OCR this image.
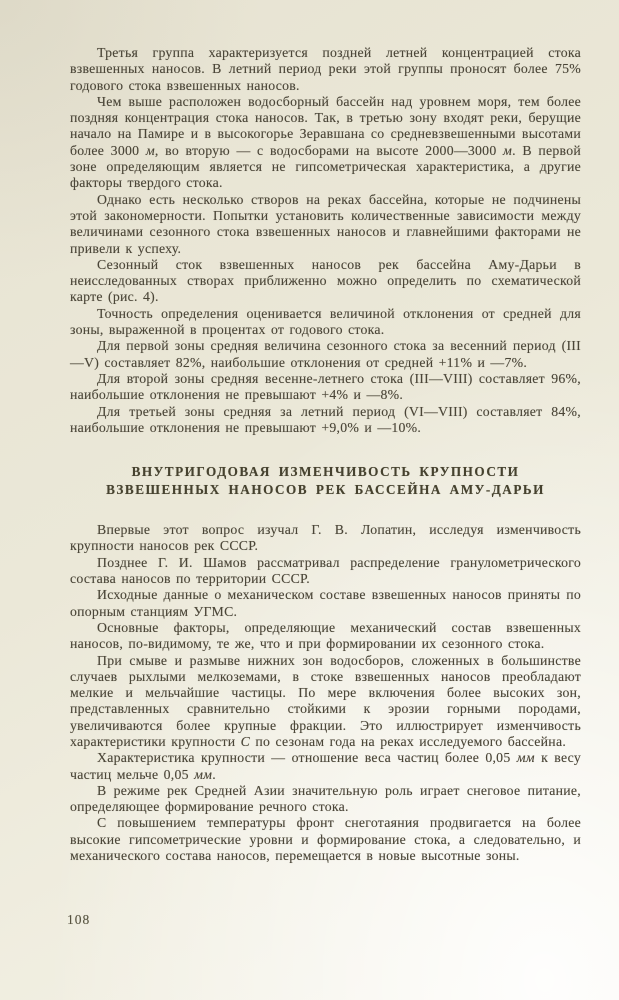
Третья группа характеризуется поздней летней концентрацией стока взвешенных наносов. В летний период реки этой группы проносят более 75% годового стока взвешенных наносов.

Чем выше расположен водосборный бассейн над уровнем моря, тем более поздняя концентрация стока наносов. Так, в третью зону входят реки, берущие начало на Памире и в высокогорье Зеравшана со средневзвешенными высотами более 3000 м, во вторую — с водосборами на высоте 2000—3000 м. В первой зоне определяющим является не гипсометрическая характеристика, а другие факторы твердого стока.

Однако есть несколько створов на реках бассейна, которые не подчинены этой закономерности. Попытки установить количественные зависимости между величинами сезонного стока взвешенных наносов и главнейшими факторами не привели к успеху.

Сезонный сток взвешенных наносов рек бассейна Аму-Дарьи в неисследованных створах приближенно можно определить по схематической карте (рис. 4).

Точность определения оценивается величиной отклонения от средней для зоны, выраженной в процентах от годового стока.

Для первой зоны средняя величина сезонного стока за весенний период (III—V) составляет 82%, наибольшие отклонения от средней +11% и —7%.

Для второй зоны средняя весенне-летнего стока (III—VIII) составляет 96%, наибольшие отклонения не превышают +4% и —8%.

Для третьей зоны средняя за летний период (VI—VIII) составляет 84%, наибольшие отклонения не превышают +9,0% и —10%.

ВНУТРИГОДОВАЯ ИЗМЕНЧИВОСТЬ КРУПНОСТИ
ВЗВЕШЕННЫХ НАНОСОВ РЕК БАССЕЙНА АМУ-ДАРЬИ

Впервые этот вопрос изучал Г. В. Лопатин, исследуя изменчивость крупности наносов рек СССР.

Позднее Г. И. Шамов рассматривал распределение гранулометрического состава наносов по территории СССР.

Исходные данные о механическом составе взвешенных наносов приняты по опорным станциям УГМС.

Основные факторы, определяющие механический состав взвешенных наносов, по-видимому, те же, что и при формировании их сезонного стока.

При смыве и размыве нижних зон водосборов, сложенных в большинстве случаев рыхлыми мелкоземами, в стоке взвешенных наносов преобладают мелкие и мельчайшие частицы. По мере включения более высоких зон, представленных сравнительно стойкими к эрозии горными породами, увеличиваются более крупные фракции. Это иллюстрирует изменчивость характеристики крупности С по сезонам года на реках исследуемого бассейна.

Характеристика крупности — отношение веса частиц более 0,05 мм к весу частиц мельче 0,05 мм.

В режиме рек Средней Азии значительную роль играет снеговое питание, определяющее формирование речного стока.

С повышением температуры фронт снеготаяния продвигается на более высокие гипсометрические уровни и формирование стока, а следовательно, и механического состава наносов, перемещается в новые высотные зоны.

108
